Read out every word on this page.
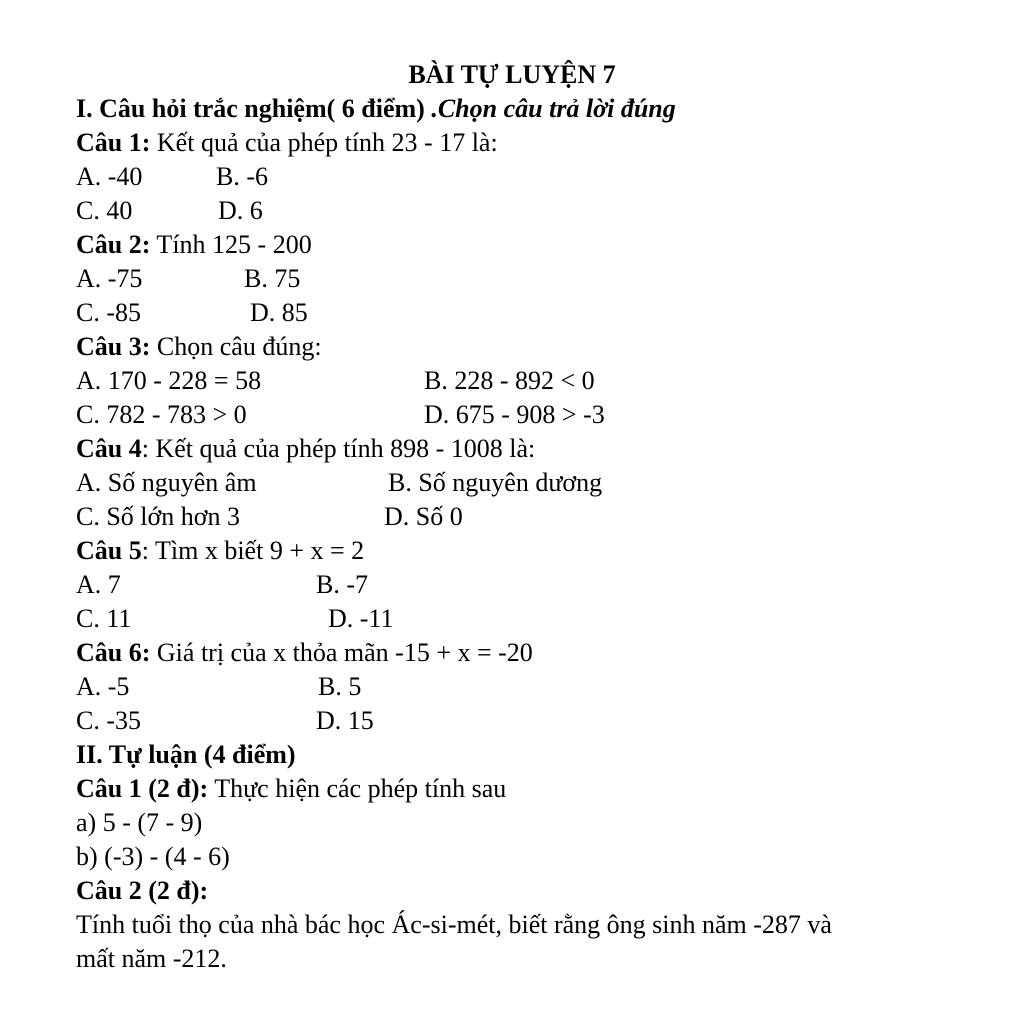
BÀI TỰ LUYỆN 7
I. Câu hỏi trắc nghiệm( 6 điểm) .Chọn câu trả lời đúng
Câu 1: Kết quả của phép tính 23 - 17 là:
A. -40	B. -6
C. 40	D. 6
Câu 2: Tính 125 - 200
A. -75	B. 75
C. -85	D. 85
Câu 3: Chọn câu đúng:
A. 170 - 228 = 58	B. 228 - 892 < 0
C. 782 - 783 > 0	D. 675 - 908 > -3
Câu 4: Kết quả của phép tính 898 - 1008 là:
A. Số nguyên âm	B. Số nguyên dương
C. Số lớn hơn 3	D. Số 0
Câu 5: Tìm x biết 9 + x = 2
A. 7	B. -7
C. 11	D. -11
Câu 6: Giá trị của x thỏa mãn -15 + x = -20
A. -5	B. 5
C. -35	D. 15
II. Tự luận (4 điểm)
Câu 1 (2 đ): Thực hiện các phép tính sau
a) 5 - (7 - 9)
b) (-3) - (4 - 6)
Câu 2 (2 đ):
Tính tuổi thọ của nhà bác học Ác-si-mét, biết rằng ông sinh năm -287 và
mất năm -212.
